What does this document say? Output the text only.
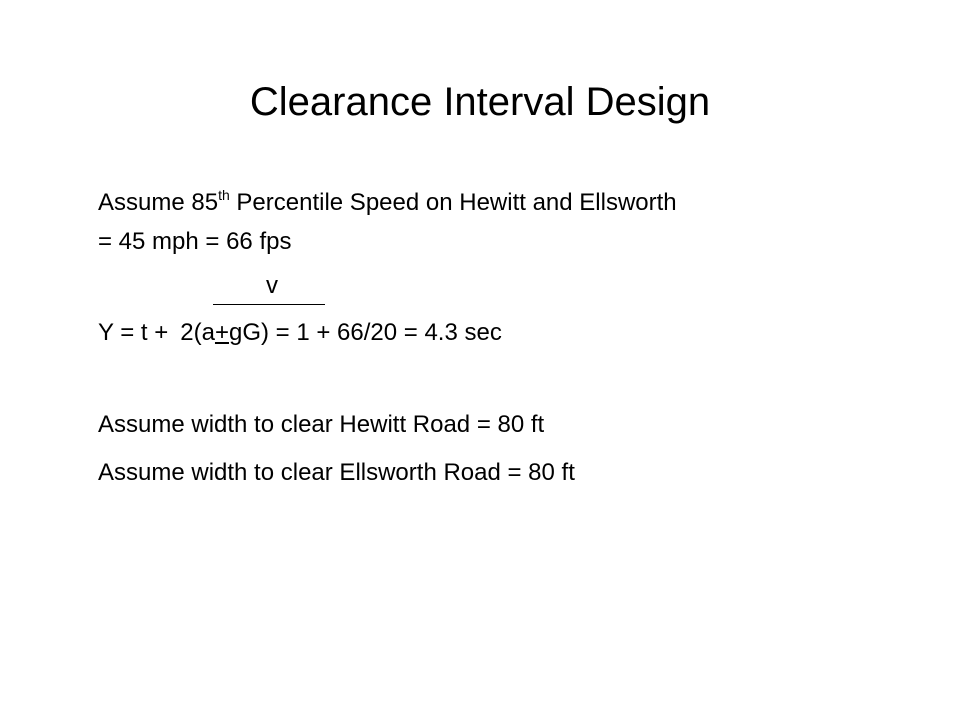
Clearance Interval Design
Assume 85th Percentile Speed on Hewitt and Ellsworth
= 45 mph = 66 fps
v
Y = t + 2(a+gG) = 1 + 66/20 = 4.3 sec
Assume width to clear Hewitt Road = 80 ft
Assume width to clear Ellsworth Road = 80 ft
